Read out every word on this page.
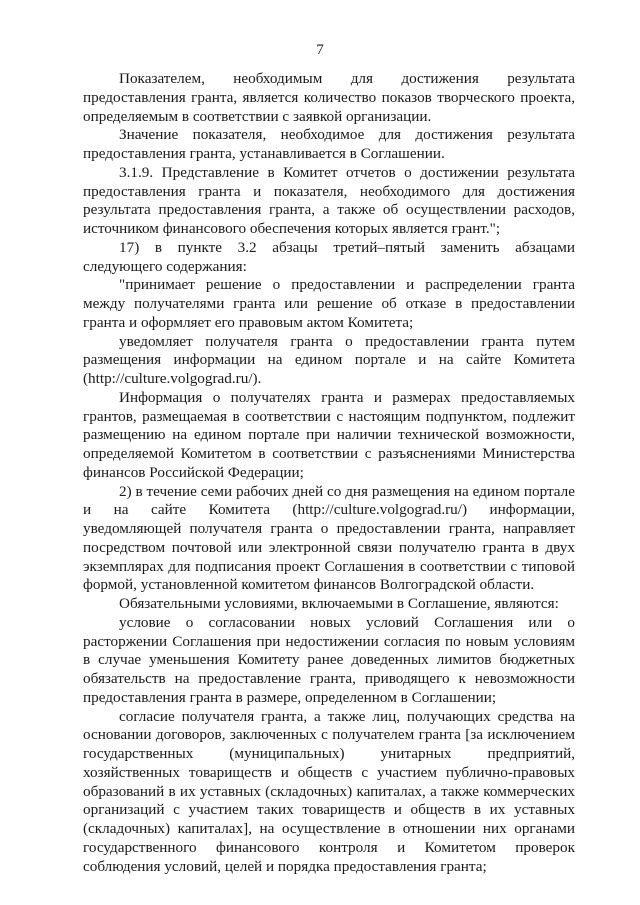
7

Показателем, необходимым для достижения результата предоставления гранта, является количество показов творческого проекта, определяемым в соответствии с заявкой организации.

Значение показателя, необходимое для достижения результата предоставления гранта, устанавливается в Соглашении.

3.1.9. Представление в Комитет отчетов о достижении результата предоставления гранта и показателя, необходимого для достижения результата предоставления гранта, а также об осуществлении расходов, источником финансового обеспечения которых является грант.";

17) в пункте 3.2 абзацы третий–пятый заменить абзацами следующего содержания:

"принимает решение о предоставлении и распределении гранта между получателями гранта или решение об отказе в предоставлении гранта и оформляет его правовым актом Комитета;

уведомляет получателя гранта о предоставлении гранта путем размещения информации на едином портале и на сайте Комитета (http://culture.volgograd.ru/).

Информация о получателях гранта и размерах предоставляемых грантов, размещаемая в соответствии с настоящим подпунктом, подлежит размещению на едином портале при наличии технической возможности, определяемой Комитетом в соответствии с разъяснениями Министерства финансов Российской Федерации;

2) в течение семи рабочих дней со дня размещения на едином портале и на сайте Комитета (http://culture.volgograd.ru/) информации, уведомляющей получателя гранта о предоставлении гранта, направляет посредством почтовой или электронной связи получателю гранта в двух экземплярах для подписания проект Соглашения в соответствии с типовой формой, установленной комитетом финансов Волгоградской области.

Обязательными условиями, включаемыми в Соглашение, являются:

условие о согласовании новых условий Соглашения или о расторжении Соглашения при недостижении согласия по новым условиям в случае уменьшения Комитету ранее доведенных лимитов бюджетных обязательств на предоставление гранта, приводящего к невозможности предоставления гранта в размере, определенном в Соглашении;

согласие получателя гранта, а также лиц, получающих средства на основании договоров, заключенных с получателем гранта [за исключением государственных (муниципальных) унитарных предприятий, хозяйственных товариществ и обществ с участием публично-правовых образований в их уставных (складочных) капиталах, а также коммерческих организаций с участием таких товариществ и обществ в их уставных (складочных) капиталах], на осуществление в отношении них органами государственного финансового контроля и Комитетом проверок соблюдения условий, целей и порядка предоставления гранта;
